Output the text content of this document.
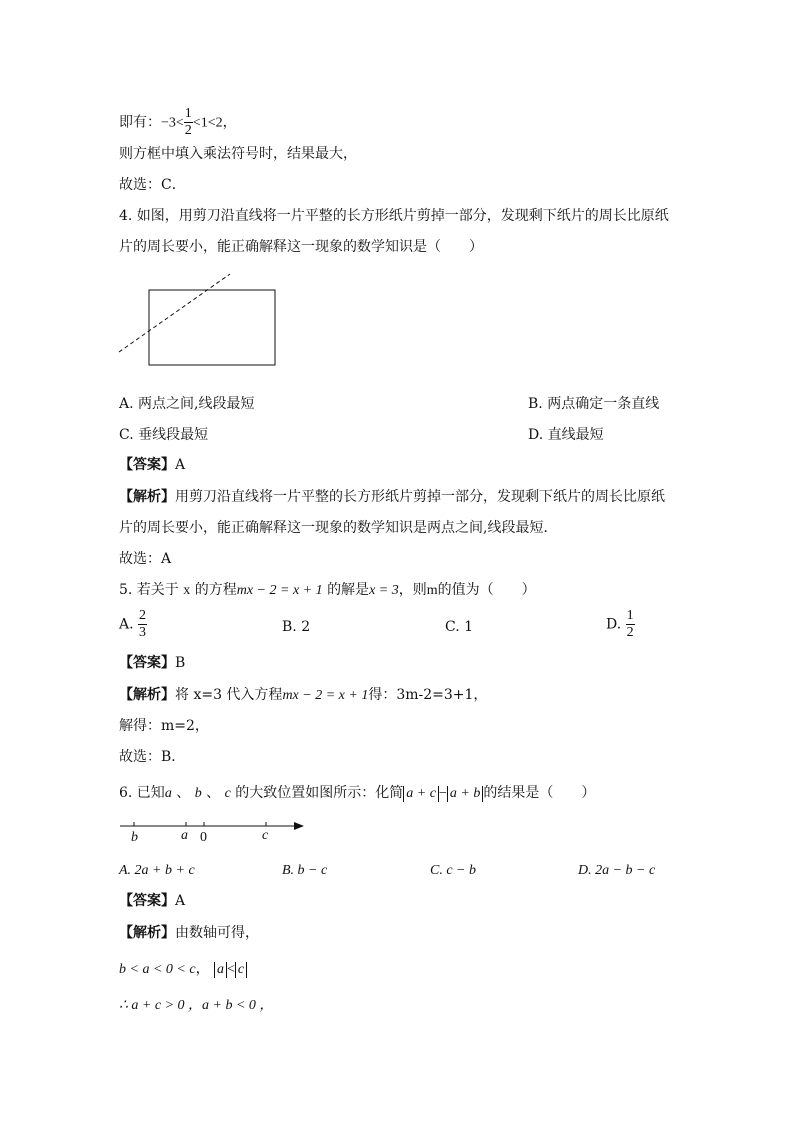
即有：$-3< \frac{1}{2} <1<2$，
则方框中填入乘法符号时，结果最大，
故选：C．
4. 如图，用剪刀沿直线将一片平整的长方形纸片剪掉一部分，发现剩下纸片的周长比原纸
片的周长要小，能正确解释这一现象的数学知识是（　　）
A. 两点之间,线段最短	B. 两点确定一条直线
C. 垂线段最短	D. 直线最短
【答案】A
【解析】用剪刀沿直线将一片平整的长方形纸片剪掉一部分，发现剩下纸片的周长比原纸
片的周长要小，能正确解释这一现象的数学知识是两点之间,线段最短．
故选：A
5. 若关于 x 的方程mx − 2 = x + 1 的解是x = 3，则m的值为（　　）
A. $\frac{2}{3}$	B. 2	C. 1	D. $\frac{1}{2}$
【答案】B
【解析】将 x=3 代入方程mx − 2 = x + 1得：3m-2=3+1，
解得：m=2，
故选：B．
6. 已知a 、 b 、 c 的大致位置如图所示：化简 a + c − a + b 的结果是（　　）
b	a 0	c
A. 2a + b + c	B. b − c	C. c − b	D. 2a − b − c
【答案】A
【解析】由数轴可得，
b < a < 0 < c， a < c
∴ a + c > 0 ，a + b < 0 ，
